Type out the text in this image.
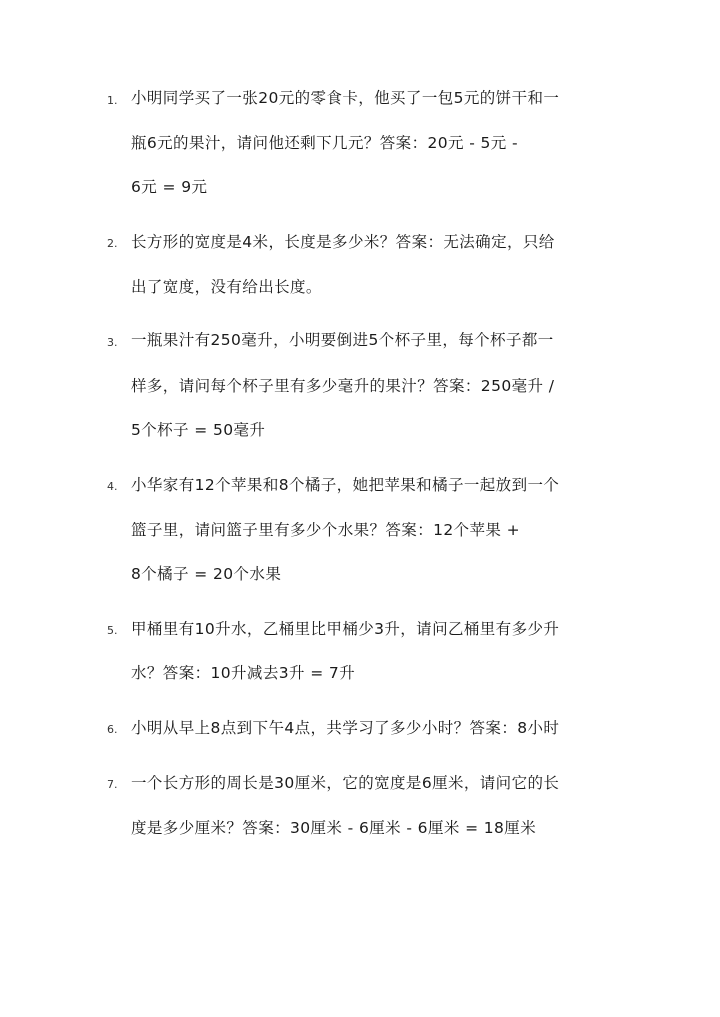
1. 小明同学买了一张20元的零食卡，他买了一包5元的饼干和一
瓶6元的果汁，请问他还剩下几元？答案：20元 - 5元 -
6元 = 9元
2. 长方形的宽度是4米，长度是多少米？答案：无法确定，只给
出了宽度，没有给出长度。
3. 一瓶果汁有250毫升，小明要倒进5个杯子里，每个杯子都一
样多，请问每个杯子里有多少毫升的果汁？答案：250毫升 /
5个杯子 = 50毫升
4. 小华家有12个苹果和8个橘子，她把苹果和橘子一起放到一个
篮子里，请问篮子里有多少个水果？答案：12个苹果 +
8个橘子 = 20个水果
5. 甲桶里有10升水，乙桶里比甲桶少3升，请问乙桶里有多少升
水？答案：10升减去3升 = 7升
6. 小明从早上8点到下午4点，共学习了多少小时？答案：8小时
7. 一个长方形的周长是30厘米，它的宽度是6厘米，请问它的长
度是多少厘米？答案：30厘米 - 6厘米 - 6厘米 = 18厘米
